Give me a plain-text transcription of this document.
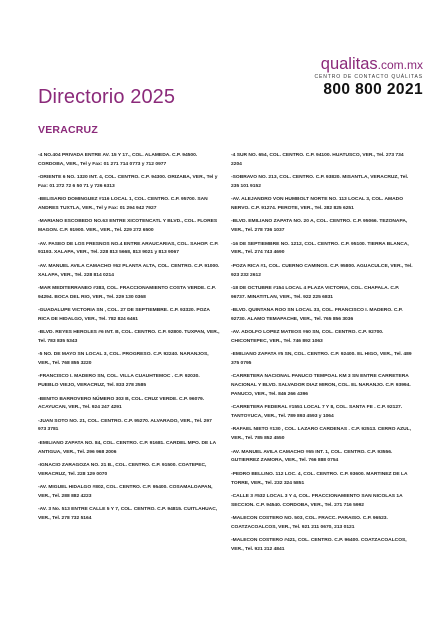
Directorio 2025
qualitas.com.mx
CENTRO DE CONTACTO QUÁLITAS
800 800 2021
VERACRUZ
-4 NO.404 PRIVADA ENTRE AV. 15 Y 17., COL. ALAMEDA. C.P. 94500. CORDOBA, VER., Tel y Fax: 01 271 714 0773 y 712 0977
-ORIENTE 6 NO. 1320 INT. 4, COL. CENTRO. C.P. 94300. ORIZABA, VER., Tel y Fax: 01 272 72 6 50 71 y 726 6313
-BELISARIO DOMINGUEZ #116 LOCAL 1, COL. CENTRO. C.P. 95700. SAN ANDRES TUXTLA, VER., Tel y Fax: 01 294 942 7927
-MARIANO ESCOBEDO NO.63 ENTRE XICOTENCATL Y BLVD., COL. FLORES MAGON. C.P. 91900. VER., VER., Tel. 229 272 6500
-AV. PASEO DE LOS FRESNOS NO.4 ENTRE ARAUCARIAS, COL. SAHOP. C.P. 91193. XALAPA, VER., Tel. 228 813 5668, 813 9021 y 813 9067
-AV. MANUEL AVILA CAMACHO #62 PLANTA ALTA, COL. CENTRO. C.P. 91000. XALAPA, VER., Tel. 228 814 0214
-MAR MEDITERRANEO #383, COL. FRACCIONAMIENTO COSTA VERDE. C.P. 94294. BOCA DEL RIO, VER., Tel. 229 130 0368
-GUADALUPE VICTORIA SN , COL. 27 DE SEPTIEMBRE. C.P. 93320. POZA RICA DE HIDALGO, VER., Tel. 782 824 6461
-BLVD. REYES HEROLES #6 INT. B, COL. CENTRO. C.P. 92800. TUXPAN, VER., Tel. 783 835 5343
-5 NO. DE MAYO SN LOCAL 3, COL. PROGRESO. C.P. 92240. NARANJOS, VER., Tel. 768 855 3220
-FRANCISCO I. MADERO SN, COL. VILLA CUAUHTEMOC . C.P. 92030. PUEBLO VIEJO, VERACRUZ, Tel. 833 278 2585
-BENITO BARROVERO NÚMERO 303 B, COL. CRUZ VERDE. C.P. 96079. ACAYUCAN, VER., Tel. 924 247 4291
-JUAN SOTO NO. 21, COL. CENTRO. C.P. 95270. ALVARADO, VER., Tel. 297 973 3781
-EMILIANO ZAPATA NO. 84, COL. CENTRO. C.P. 91681. CARDEL MPO. DE LA ANTIGUA, VER., Tel. 296 968 2006
-IGNACIO ZARAGOZA NO. 21 B., COL. CENTRO. C.P. 91500. COATEPEC, VERACRUZ, Tel. 228 129 0070
-AV. MIGUEL HIDALGO #802, COL. CENTRO. C.P. 95400. COSAMALOAPAN, VER., Tel. 288 882 4223
-AV. 3 No. 513 ENTRE CALLE 5 Y 7, COL. CENTRO. C.P. 94815. CUITLAHUAC, VER., Tel. 278 732 5164
-4 SUR NO. 654, COL. CENTRO. C.P. 94100. HUATUSCO, VER., Tel. 273 734 2204
-SOBRAVO NO. 213, COL. CENTRO. C.P. 93820. MISANTLA, VERACRUZ, Tel. 235 101 9152
-AV. ALEJANDRO VON HUMBOLT NORTE NO. 113 LOCAL 3, COL. AMADO NERVO. C.P. 91274. PEROTE, VER., Tel. 282 825 6251
-BLVD. EMILIANO ZAPATA NO. 20 A, COL. CENTRO. C.P. 95066. TEZONAPA, VER., Tel. 278 736 1037
-16 DE SEPTIEMBRE NO. 1212, COL. CENTRO. C.P. 95100. TIERRA BLANCA, VER., Tel. 274 743 4690
-POZA RICA #1, COL. CUERNO CAMINOS. C.P. 95800. AGUACULCE, VER., Tel. 923 232 2612
-18 DE OCTUBRE #154 LOCAL 4 PLAZA VICTORIA, COL. CHAPALA. C.P. 96737. MINATITLAN, VER., Tel. 922 225 6831
-BLVD. QUINTANA ROO SN LOCAL 33, COL. FRANCISCO I. MADERO. C.P. 92730. ALAMO TEMAPACHE, VER., Tel. 765 856 3036
-AV. ADOLFO LOPEZ MATEOS #60 SN, COL. CENTRO. C.P. 92700. CHICONTEPEC, VER., Tel. 746 892 1063
-EMILIANO ZAPATA #5 SN, COL. CENTRO. C.P. 92400. EL HIGO, VER., Tel. 489 375 0795
-CARRETERA NACIONAL PANUCO TEMPOAL KM 3 SN ENTRE CARRETERA NACIONAL Y BLVD. SALVADOR DIAZ MIRON, COL. EL NARANJO. C.P. 93994. PANUCO, VER., Tel. 846 266 4396
-CARRETERA FEDERAL #1551 LOCAL 7 Y 8, COL. SANTA FE . C.P. 92127. TANTOYUCA, VER., Tel. 789 893 4593 y 1064
-RAFAEL NIETO #130 , COL. LAZARO CARDENAS . C.P. 92513. CERRO AZUL, VER., Tel. 785 852 4550
-AV. MANUEL AVILA CAMACHO #65 INT. 1, COL. CENTRO. C.P. 93556. GUTIERREZ ZAMORA, VER., Tel. 766 888 0754
-PEDRO BELLINO. 112 LOC. 4, COL. CENTRO. C.P. 93600. MARTINEZ DE LA TORRE, VER., Tel. 232 324 5851
-CALLE 3 #532 LOCAL 3 Y 4, COL. FRACCIONAMIENTO SAN NICOLAS 1A SECCION. C.P. 94540. CORDOBA, VER., Tel. 271 716 5992
-MALECON COSTERO NO. 503, COL. FRACC. PARAISO. C.P. 96523. COATZACOALCOS, VER., Tel. 921 211 0670, 213 0121
-MALECON COSTERO #421, COL. CENTRO. C.P. 96400. COATZACOALCOS, VER., Tel. 921 212 4841
